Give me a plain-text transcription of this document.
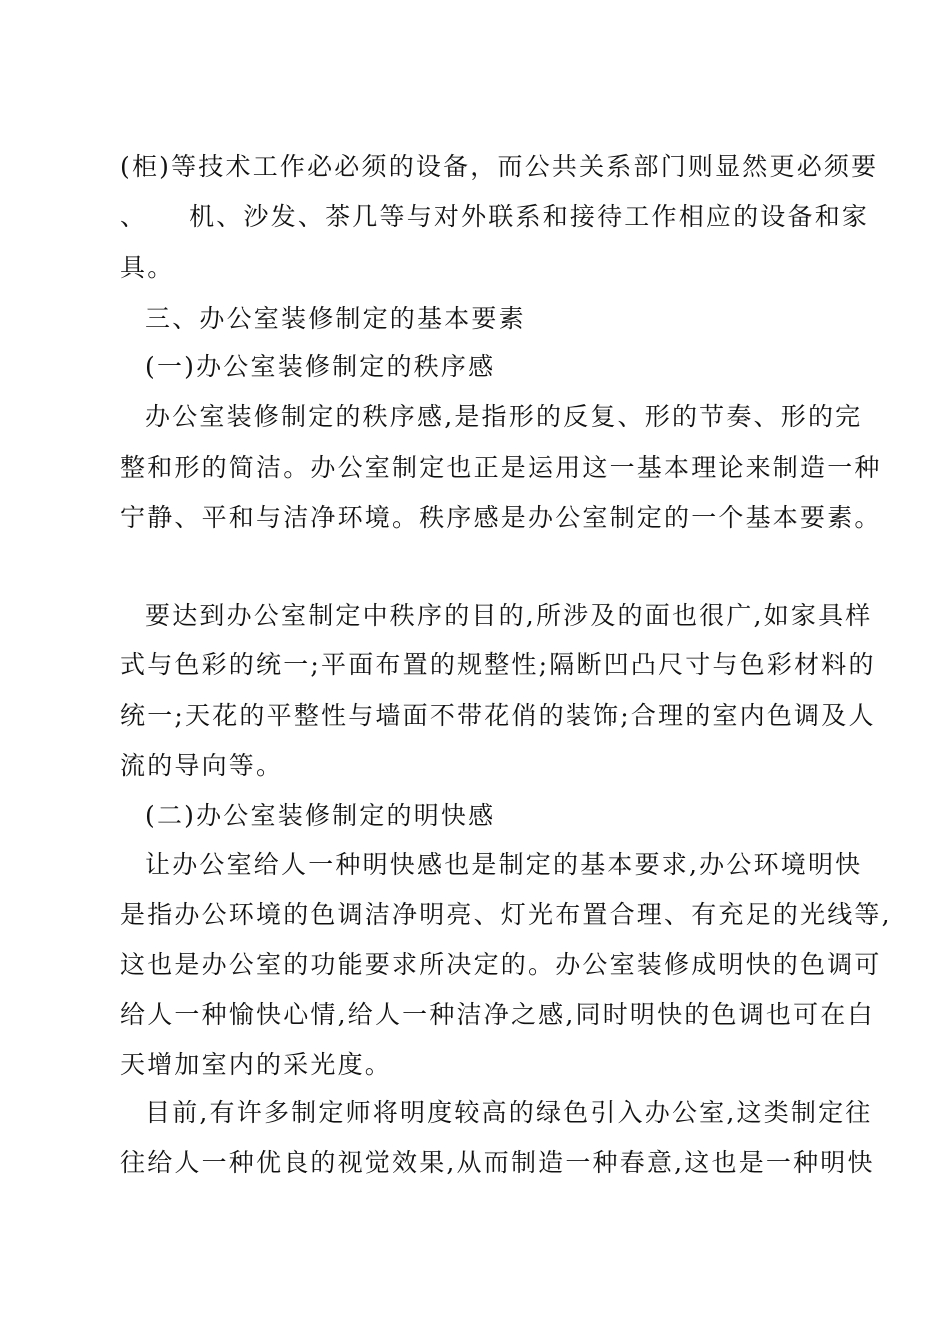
(柜)等技术工作必必须的设备，而公共关系部门则显然更必须要
、　　机、沙发、茶几等与对外联系和接待工作相应的设备和家
具。
三、办公室装修制定的基本要素
(一)办公室装修制定的秩序感
办公室装修制定的秩序感,是指形的反复、形的节奏、形的完
整和形的简洁。办公室制定也正是运用这一基本理论来制造一种
宁静、平和与洁净环境。秩序感是办公室制定的一个基本要素。
要达到办公室制定中秩序的目的,所涉及的面也很广,如家具样
式与色彩的统一;平面布置的规整性;隔断凹凸尺寸与色彩材料的
统一;天花的平整性与墙面不带花俏的装饰;合理的室内色调及人
流的导向等。
(二)办公室装修制定的明快感
让办公室给人一种明快感也是制定的基本要求,办公环境明快
是指办公环境的色调洁净明亮、灯光布置合理、有充足的光线等,
这也是办公室的功能要求所决定的。办公室装修成明快的色调可
给人一种愉快心情,给人一种洁净之感,同时明快的色调也可在白
天增加室内的采光度。
目前,有许多制定师将明度较高的绿色引入办公室,这类制定往
往给人一种优良的视觉效果,从而制造一种春意,这也是一种明快
